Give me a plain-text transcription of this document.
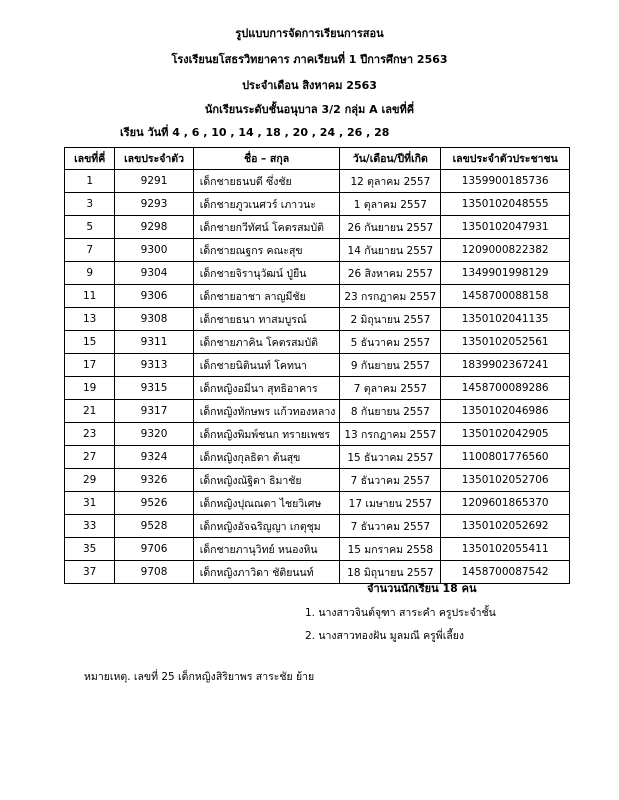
รูปแบบการจัดการเรียนการสอน
โรงเรียนยโสธรวิทยาคาร ภาคเรียนที่ 1 ปีการศึกษา 2563
ประจำเดือน สิงหาคม 2563
นักเรียนระดับชั้นอนุบาล 3/2 กลุ่ม A เลขที่คี่
เรียน วันที่ 4 , 6 , 10 , 14 , 18 , 20 , 24 , 26 , 28
เลขที่คี่	เลขประจำตัว	ชื่อ – สกุล	วัน/เดือน/ปีที่เกิด	เลขประจำตัวประชาชน
1	9291	เด็กชายธนบดี ซึ่งชัย	12 ตุลาคม 2557	1359900185736
3	9293	เด็กชายภูวเนศวร์ เภาวนะ	1 ตุลาคม 2557	1350102048555
5	9298	เด็กชายกวีทัศน์ โคตรสมบัติ	26 กันยายน 2557	1350102047931
7	9300	เด็กชายณฐกร คณะสุข	14 กันยายน 2557	1209000822382
9	9304	เด็กชายจิรานุวัฒน์ ปู่ยืน	26 สิงหาคม 2557	1349901998129
11	9306	เด็กชายอาชา ลาญมีชัย	23 กรกฎาคม 2557	1458700088158
13	9308	เด็กชายธนา ทาสมบูรณ์	2 มิถุนายน 2557	1350102041135
15	9311	เด็กชายภาคิน โคตรสมบัติ	5 ธันวาคม 2557	1350102052561
17	9313	เด็กชายนิตินนท์ โคทนา	9 กันยายน 2557	1839902367241
19	9315	เด็กหญิงอมีนา สุทธิอาคาร	7 ตุลาคม 2557	1458700089286
21	9317	เด็กหญิงทักษพร แก้วทองหลาง	8 กันยายน 2557	1350102046986
23	9320	เด็กหญิงพิมพ์ชนก ทรายเพชร	13 กรกฎาคม 2557	1350102042905
27	9324	เด็กหญิงกุลธิดา ต้นสุข	15 ธันวาคม 2557	1100801776560
29	9326	เด็กหญิงณัฐิดา ธิมาชัย	7 ธันวาคม 2557	1350102052706
31	9526	เด็กหญิงปุณณดา ไชยวิเศษ	17 เมษายน 2557	1209601865370
33	9528	เด็กหญิงอัจฉริญญา เกตุชุม	7 ธันวาคม 2557	1350102052692
35	9706	เด็กชายภานุวิทย์ หนองหิน	15 มกราคม 2558	1350102055411
37	9708	เด็กหญิงภาวิดา ชัติยนนท์	18 มิถุนายน 2557	1458700087542
จำนวนนักเรียน 18 คน
1. นางสาวจินต์จุฑา สาระคำ ครูประจำชั้น
2. นางสาวทองฝัน มูลมณี ครูพี่เลี้ยง
หมายเหตุ. เลขที่ 25 เด็กหญิงสิริยาพร สาระชัย ย้าย
